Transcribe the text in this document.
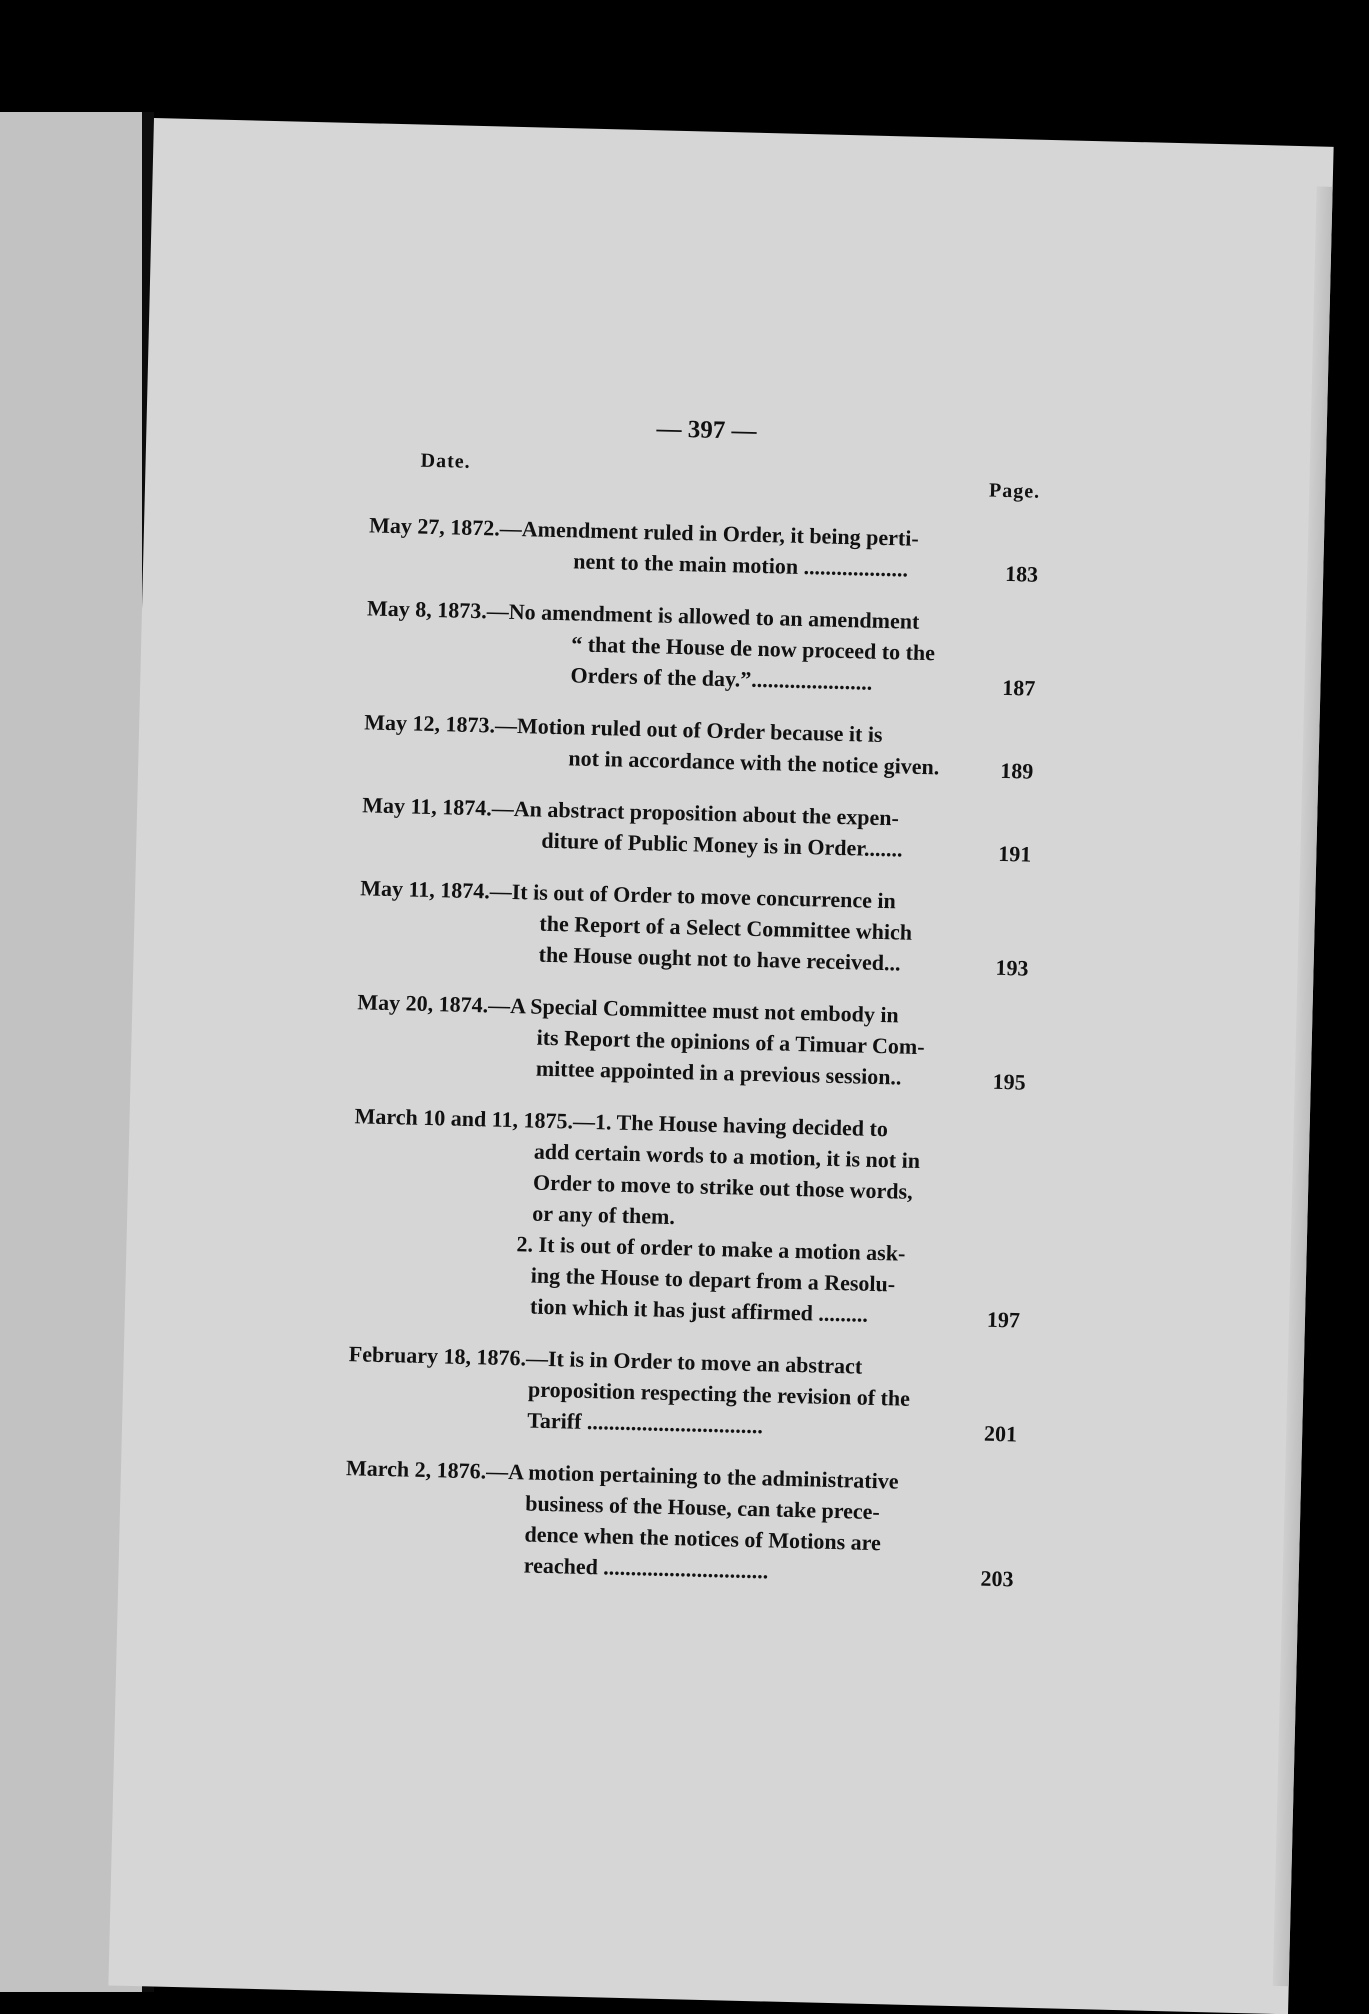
— 397 —
Date.
Page.
May 27, 1872.—Amendment ruled in Order, it being perti-
nent to the main motion ...................	183
May 8, 1873.—No amendment is allowed to an amendment
“ that the House de now proceed to the
Orders of the day.”......................	187
May 12, 1873.—Motion ruled out of Order because it is
not in accordance with the notice given.	189
May 11, 1874.—An abstract proposition about the expen-
diture of Public Money is in Order.......	191
May 11, 1874.—It is out of Order to move concurrence in
the Report of a Select Committee which
the House ought not to have received...	193
May 20, 1874.—A Special Committee must not embody in
its Report the opinions of a Timuar Com-
mittee appointed in a previous session..	195
March 10 and 11, 1875.—1. The House having decided to
add certain words to a motion, it is not in
Order to move to strike out those words,
or any of them.
2. It is out of order to make a motion ask-
ing the House to depart from a Resolu-
tion which it has just affirmed .........	197
February 18, 1876.—It is in Order to move an abstract
proposition respecting the revision of the
Tariff ................................	201
March 2, 1876.—A motion pertaining to the administrative
business of the House, can take prece-
dence when the notices of Motions are
reached ..............................	203
